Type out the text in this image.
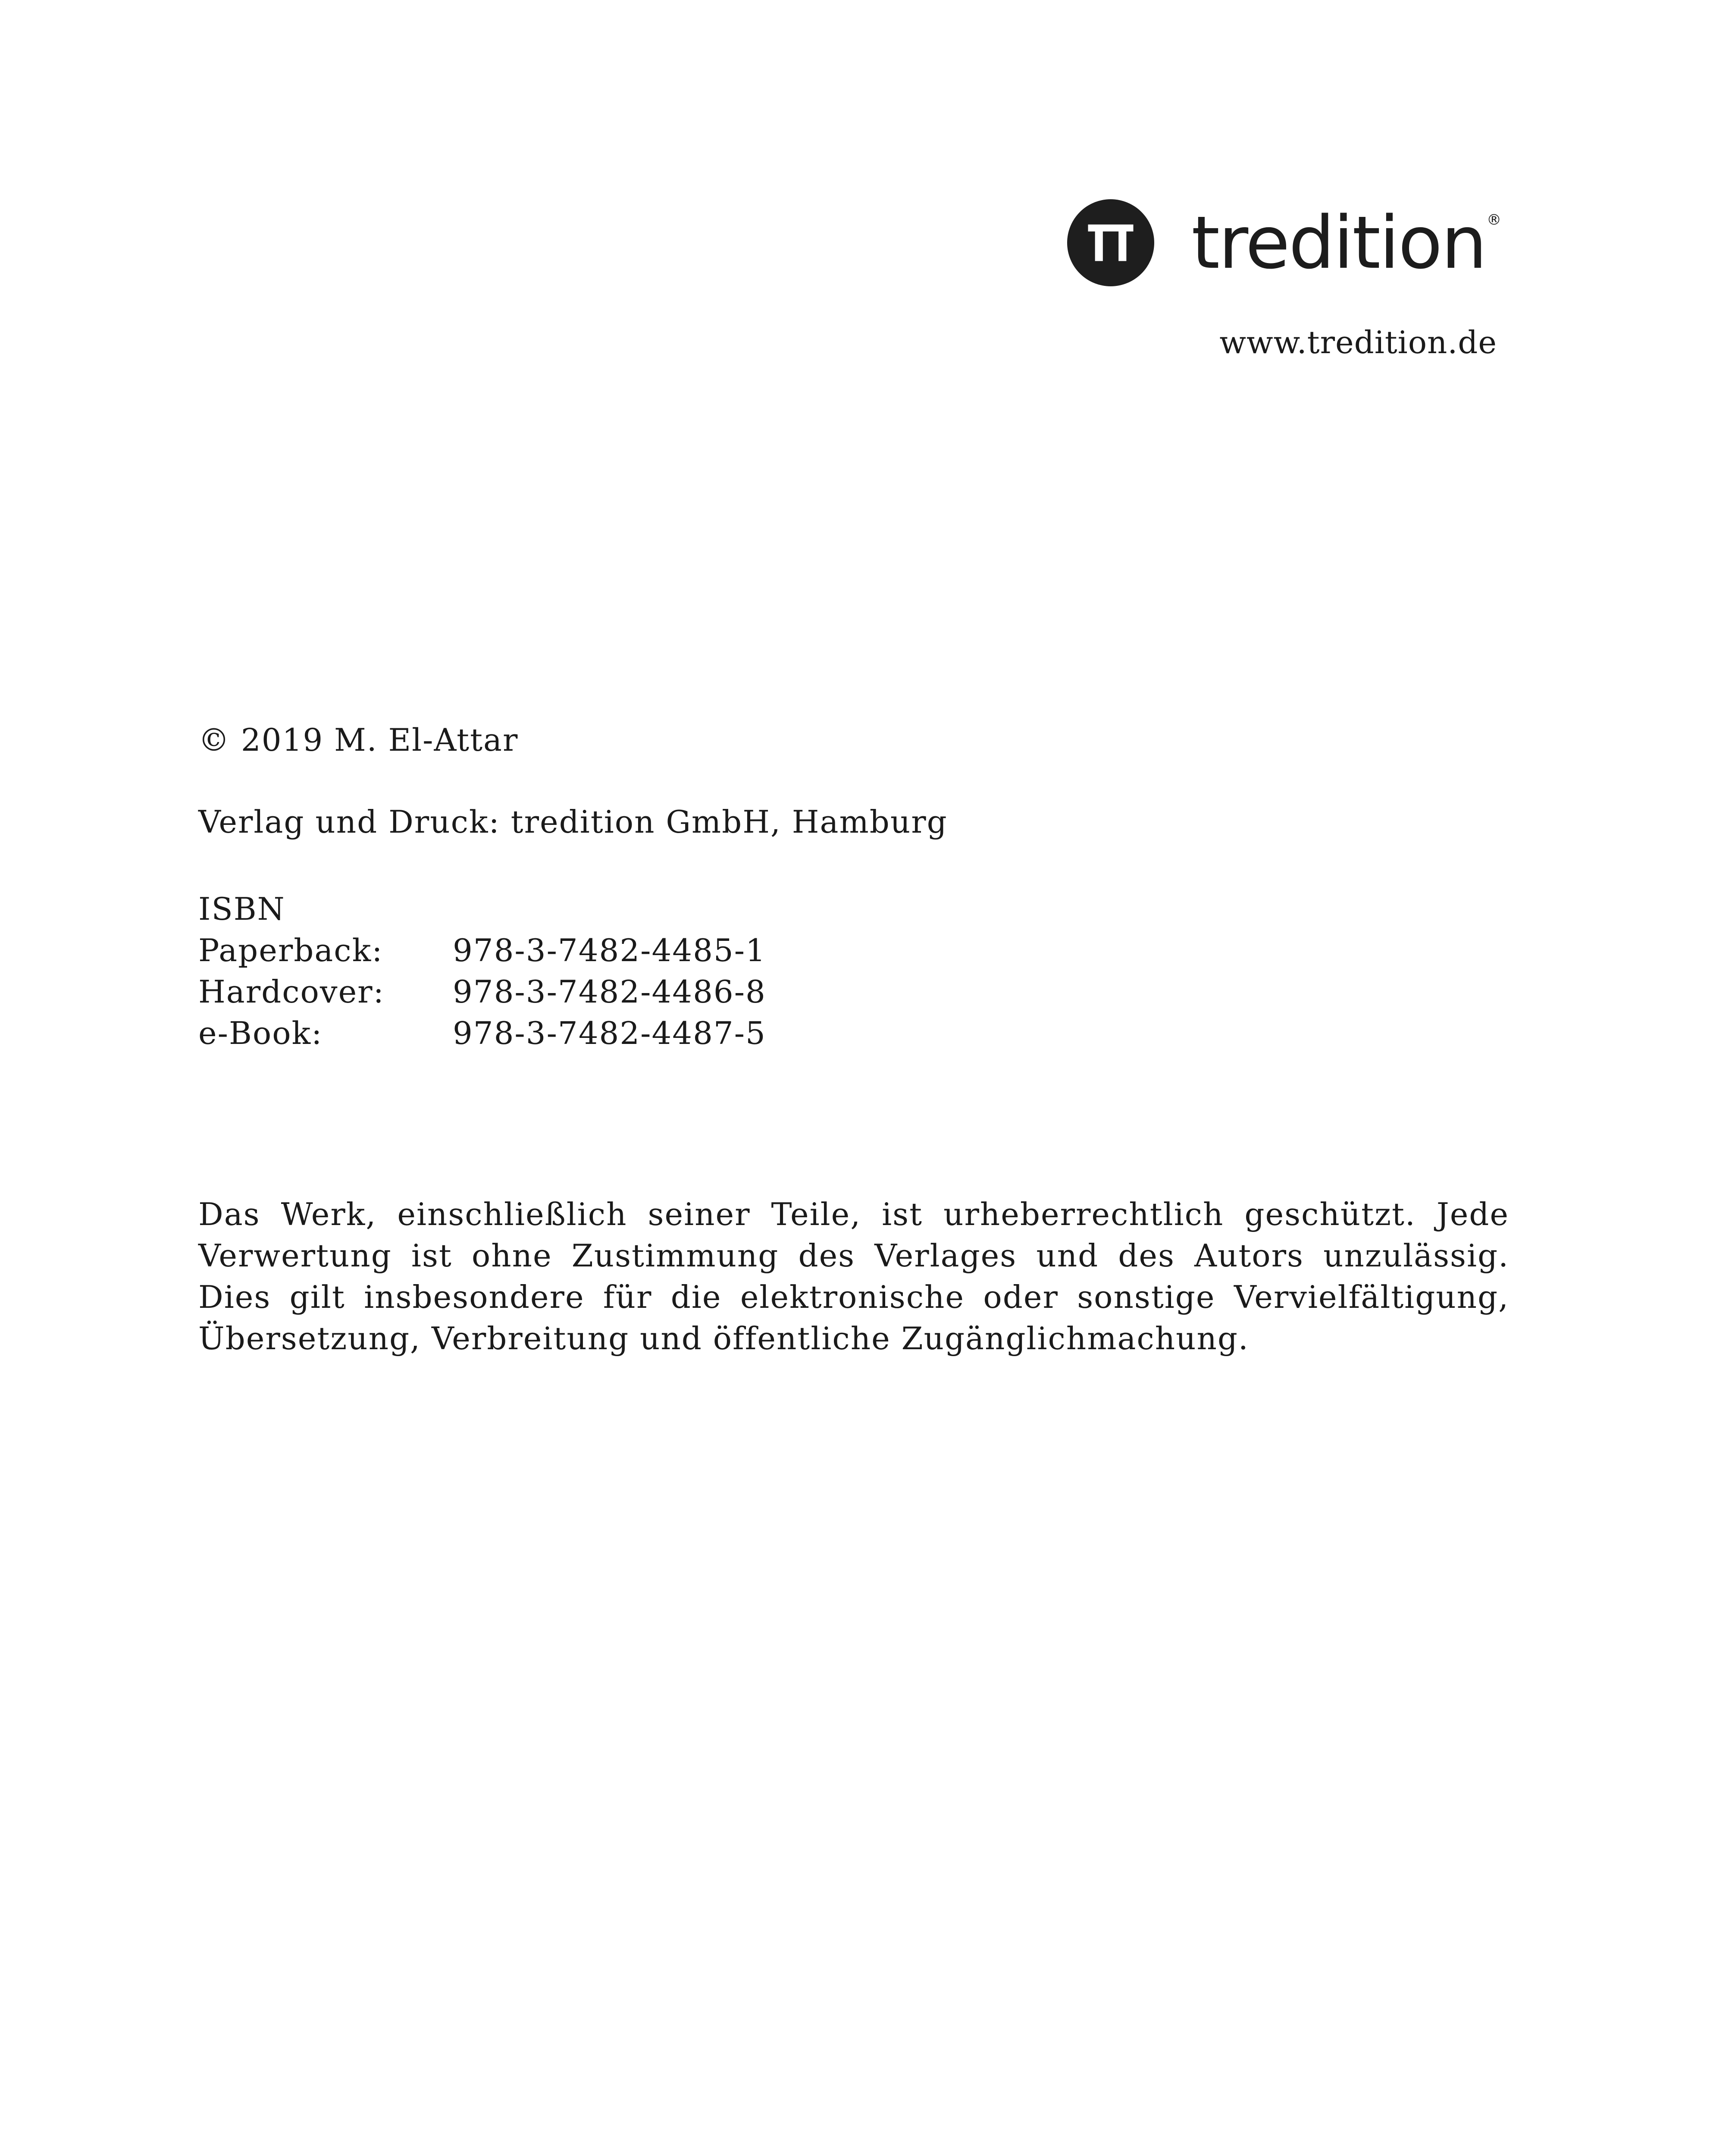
tredition ®
www.tredition.de
© 2019 M. El-Attar
Verlag und Druck: tredition GmbH, Hamburg
ISBN
Paperback:	978-3-7482-4485-1
Hardcover:	978-3-7482-4486-8
e-Book:	978-3-7482-4487-5
Das Werk, einschließlich seiner Teile, ist urheberrechtlich geschützt. Jede Verwertung ist ohne Zustimmung des Verlages und des Autors unzulässig. Dies gilt insbesondere für die elektronische oder sonstige Vervielfältigung, Übersetzung, Verbreitung und öffentliche Zugänglichmachung.
